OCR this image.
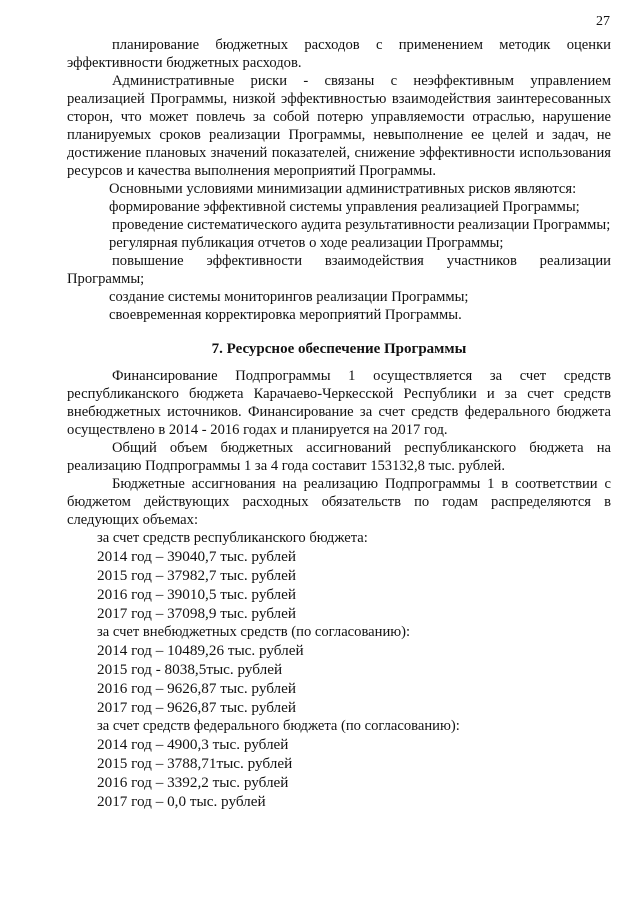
27

планирование бюджетных расходов с применением методик оценки эффективности бюджетных расходов.

Административные риски - связаны с неэффективным управлением реализацией Программы, низкой эффективностью взаимодействия заинтересованных сторон, что может повлечь за собой потерю управляемости отраслью, нарушение планируемых сроков реализации Программы, невыполнение ее целей и задач, не достижение плановых значений показателей, снижение эффективности использования ресурсов и качества выполнения мероприятий Программы.

Основными условиями минимизации административных рисков являются:

формирование эффективной системы управления реализацией Программы;

проведение систематического аудита результативности реализации Программы;

регулярная публикация отчетов о ходе реализации Программы;

повышение эффективности взаимодействия участников реализации Программы;

создание системы мониторингов реализации Программы;

своевременная корректировка мероприятий Программы.

7. Ресурсное обеспечение Программы

Финансирование Подпрограммы 1 осуществляется за счет средств республиканского бюджета Карачаево-Черкесской Республики и за счет средств внебюджетных источников. Финансирование за счет средств федерального бюджета осуществлено в 2014 - 2016 годах и планируется на 2017 год.

Общий объем бюджетных ассигнований республиканского бюджета на реализацию Подпрограммы 1 за 4 года составит 153132,8 тыс. рублей.

Бюджетные ассигнования на реализацию Подпрограммы 1 в соответствии с бюджетом действующих расходных обязательств по годам распределяются в следующих объемах:

за счет средств республиканского бюджета:
2014 год – 39040,7 тыс. рублей
2015 год – 37982,7 тыс. рублей
2016 год – 39010,5 тыс. рублей
2017 год – 37098,9 тыс. рублей
за счет внебюджетных средств (по согласованию):
2014 год – 10489,26 тыс. рублей
2015 год - 8038,5тыс. рублей
2016 год – 9626,87 тыс. рублей
2017 год – 9626,87 тыс. рублей
за счет средств федерального бюджета (по согласованию):
2014 год – 4900,3 тыс. рублей
2015 год – 3788,71тыс. рублей
2016 год – 3392,2 тыс. рублей
2017 год – 0,0 тыс. рублей
